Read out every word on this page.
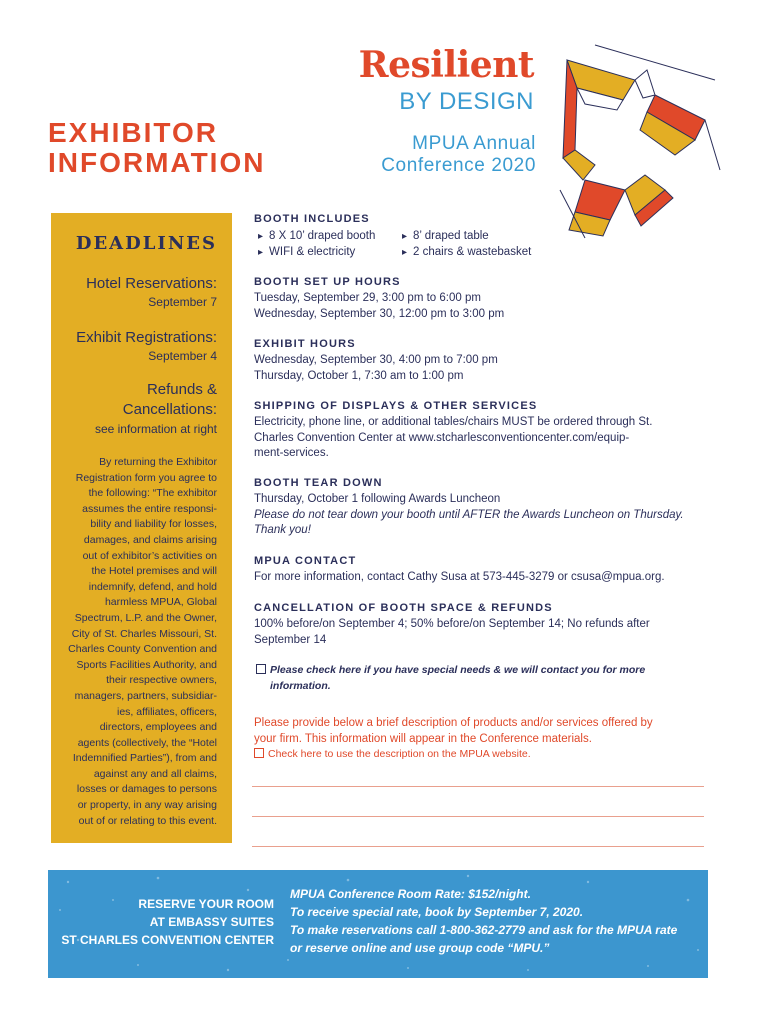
Resilient
BY DESIGN
MPUA Annual
Conference 2020
EXHIBITOR
INFORMATION
DEADLINES
Hotel Reservations:
September 7
Exhibit Registrations:
September 4
Refunds &
Cancellations:
see information at right
By returning the Exhibitor
Registration form you agree to
the following: “The exhibitor
assumes the entire responsi-
bility and liability for losses,
damages, and claims arising
out of exhibitor’s activities on
the Hotel premises and will
indemnify, defend, and hold
harmless MPUA, Global
Spectrum, L.P. and the Owner,
City of St. Charles Missouri, St.
Charles County Convention and
Sports Facilities Authority, and
their respective owners,
managers, partners, subsidiar-
ies, affiliates, officers,
directors, employees and
agents (collectively, the “Hotel
Indemnified Parties”), from and
against any and all claims,
losses or damages to persons
or property, in any way arising
out of or relating to this event.
BOOTH INCLUDES
▸ 8 X 10’ draped booth
▸ WIFI & electricity
▸ 8’ draped table
▸ 2 chairs & wastebasket
BOOTH SET UP HOURS
Tuesday, September 29, 3:00 pm to 6:00 pm
Wednesday, September 30, 12:00 pm to 3:00 pm
EXHIBIT HOURS
Wednesday, September 30, 4:00 pm to 7:00 pm
Thursday, October 1, 7:30 am to 1:00 pm
SHIPPING OF DISPLAYS & OTHER SERVICES
Electricity, phone line, or additional tables/chairs MUST be ordered through St.
Charles Convention Center at www.stcharlesconventioncenter.com/equip-
ment-services.
BOOTH TEAR DOWN
Thursday, October 1 following Awards Luncheon
Please do not tear down your booth until AFTER the Awards Luncheon on Thursday.
Thank you!
MPUA CONTACT
For more information, contact Cathy Susa at 573-445-3279 or csusa@mpua.org.
CANCELLATION OF BOOTH SPACE & REFUNDS
100% before/on September 4; 50% before/on September 14; No refunds after
September 14
Please check here if you have special needs & we will contact you for more
information.
Please provide below a brief description of products and/or services offered by
your firm. This information will appear in the Conference materials.
Check here to use the description on the MPUA website.
RESERVE YOUR ROOM
AT EMBASSY SUITES
ST CHARLES CONVENTION CENTER
MPUA Conference Room Rate: $152/night.
To receive special rate, book by September 7, 2020.
To make reservations call 1-800-362-2779 and ask for the MPUA rate
or reserve online and use group code “MPU.”
